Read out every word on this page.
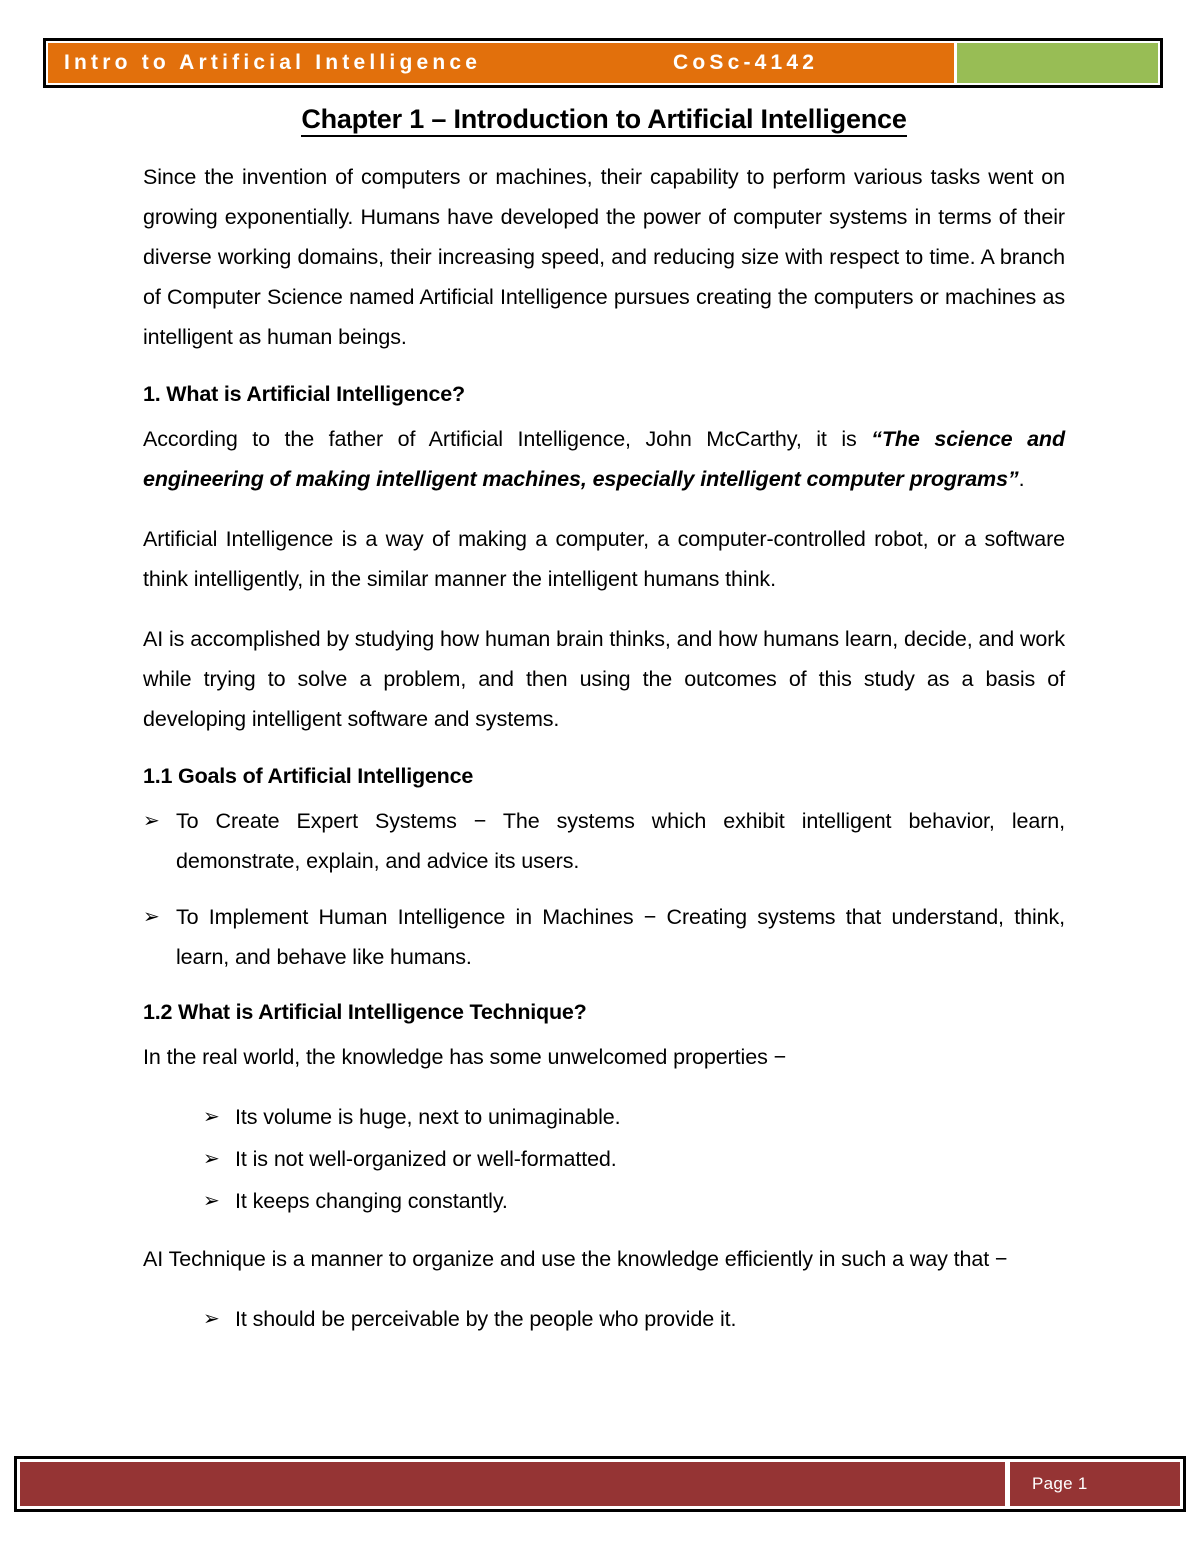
Intro to Artificial Intelligence	CoSc-4142
Chapter 1 – Introduction to Artificial Intelligence

Since the invention of computers or machines, their capability to perform various tasks went on growing exponentially. Humans have developed the power of computer systems in terms of their diverse working domains, their increasing speed, and reducing size with respect to time. A branch of Computer Science named Artificial Intelligence pursues creating the computers or machines as intelligent as human beings.

1. What is Artificial Intelligence?

According to the father of Artificial Intelligence, John McCarthy, it is “The science and engineering of making intelligent machines, especially intelligent computer programs”.

Artificial Intelligence is a way of making a computer, a computer-controlled robot, or a software think intelligently, in the similar manner the intelligent humans think.

AI is accomplished by studying how human brain thinks, and how humans learn, decide, and work while trying to solve a problem, and then using the outcomes of this study as a basis of developing intelligent software and systems.

1.1 Goals of Artificial Intelligence
➢ To Create Expert Systems − The systems which exhibit intelligent behavior, learn, demonstrate, explain, and advice its users.
➢ To Implement Human Intelligence in Machines − Creating systems that understand, think, learn, and behave like humans.
1.2 What is Artificial Intelligence Technique?

In the real world, the knowledge has some unwelcomed properties −

➢ Its volume is huge, next to unimaginable.
➢ It is not well-organized or well-formatted.
➢ It keeps changing constantly.

AI Technique is a manner to organize and use the knowledge efficiently in such a way that −

➢ It should be perceivable by the people who provide it.
Page 1
